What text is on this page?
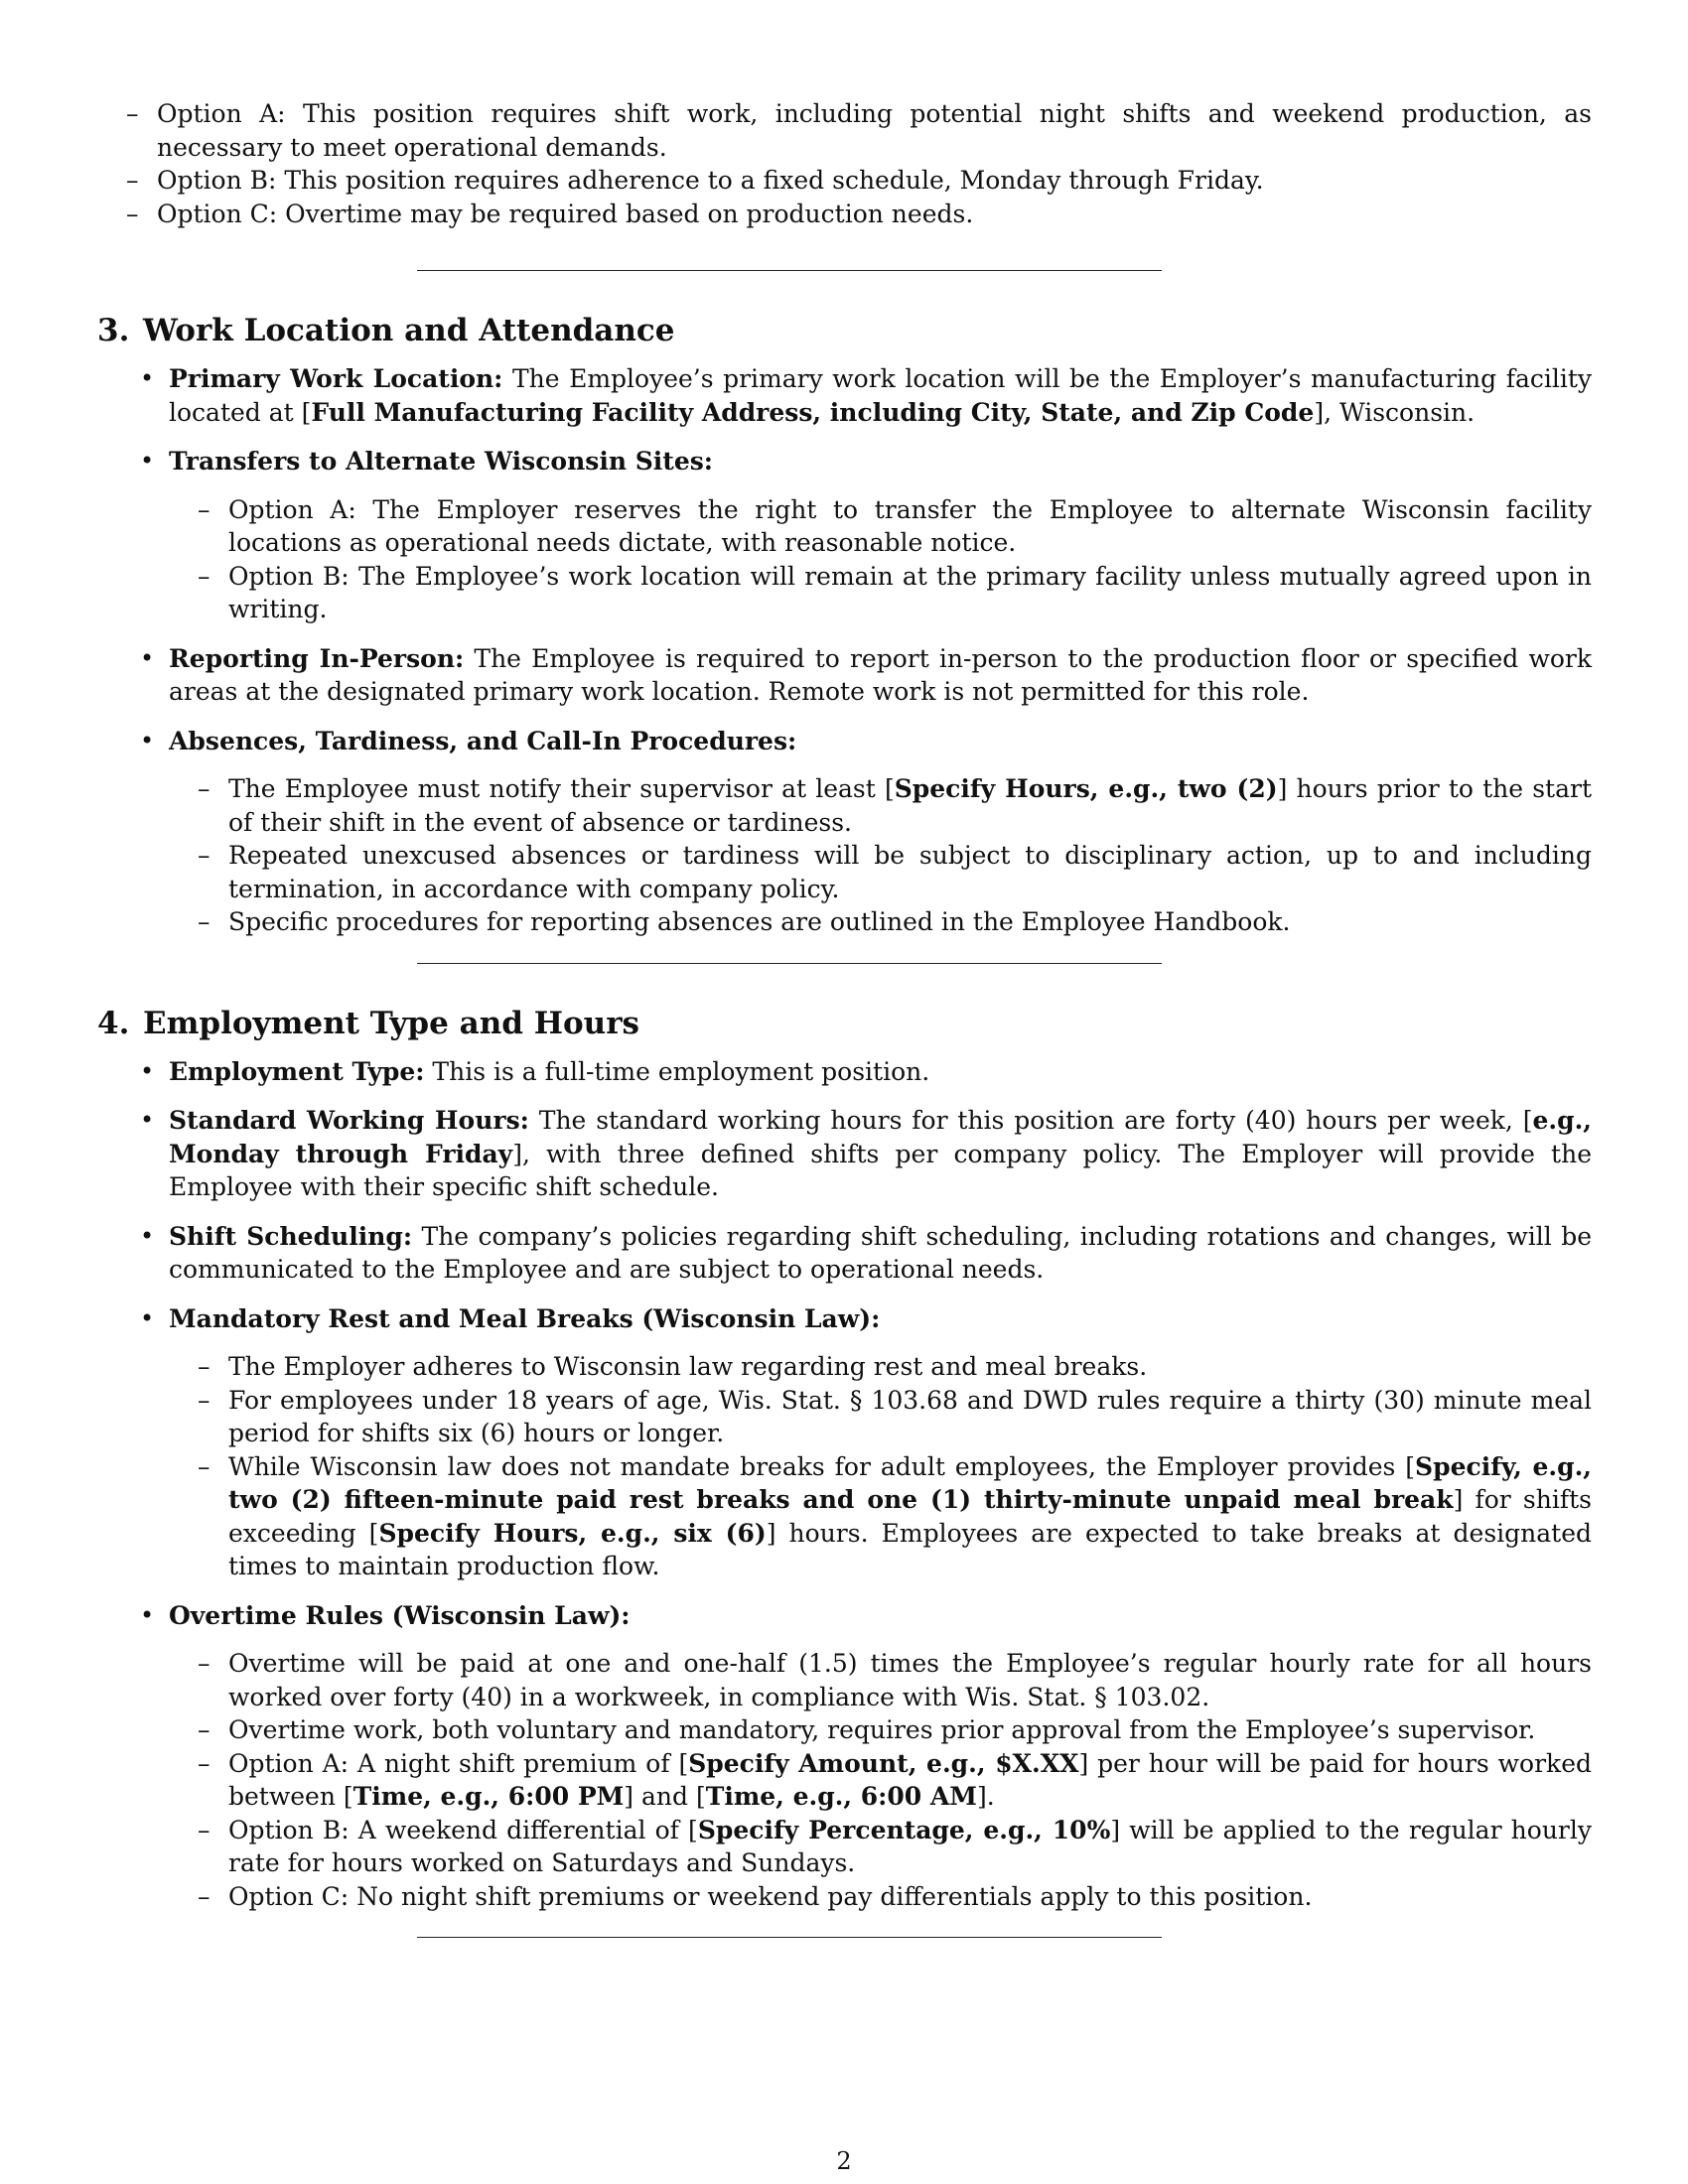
– Option A: This position requires shift work, including potential night shifts and weekend production, as necessary to meet operational demands.
– Option B: This position requires adherence to a fixed schedule, Monday through Friday.
– Option C: Overtime may be required based on production needs.
3. Work Location and Attendance
• Primary Work Location: The Employee’s primary work location will be the Employer’s manufacturing facility located at [Full Manufacturing Facility Address, including City, State, and Zip Code], Wisconsin.
• Transfers to Alternate Wisconsin Sites:
– Option A: The Employer reserves the right to transfer the Employee to alternate Wisconsin facility locations as operational needs dictate, with reasonable notice.
– Option B: The Employee’s work location will remain at the primary facility unless mutually agreed upon in writing.
• Reporting In-Person: The Employee is required to report in-person to the production floor or specified work areas at the designated primary work location. Remote work is not permitted for this role.
• Absences, Tardiness, and Call-In Procedures:
– The Employee must notify their supervisor at least [Specify Hours, e.g., two (2)] hours prior to the start of their shift in the event of absence or tardiness.
– Repeated unexcused absences or tardiness will be subject to disciplinary action, up to and including termination, in accordance with company policy.
– Specific procedures for reporting absences are outlined in the Employee Handbook.
4. Employment Type and Hours
• Employment Type: This is a full-time employment position.
• Standard Working Hours: The standard working hours for this position are forty (40) hours per week, [e.g., Monday through Friday], with three defined shifts per company policy. The Employer will provide the Employee with their specific shift schedule.
• Shift Scheduling: The company’s policies regarding shift scheduling, including rotations and changes, will be communicated to the Employee and are subject to operational needs.
• Mandatory Rest and Meal Breaks (Wisconsin Law):
– The Employer adheres to Wisconsin law regarding rest and meal breaks.
– For employees under 18 years of age, Wis. Stat. § 103.68 and DWD rules require a thirty (30) minute meal period for shifts six (6) hours or longer.
– While Wisconsin law does not mandate breaks for adult employees, the Employer provides [Specify, e.g., two (2) fifteen-minute paid rest breaks and one (1) thirty-minute unpaid meal break] for shifts exceeding [Specify Hours, e.g., six (6)] hours. Employees are expected to take breaks at designated times to maintain production flow.
• Overtime Rules (Wisconsin Law):
– Overtime will be paid at one and one-half (1.5) times the Employee’s regular hourly rate for all hours worked over forty (40) in a workweek, in compliance with Wis. Stat. § 103.02.
– Overtime work, both voluntary and mandatory, requires prior approval from the Employee’s supervisor.
– Option A: A night shift premium of [Specify Amount, e.g., $X.XX] per hour will be paid for hours worked between [Time, e.g., 6:00 PM] and [Time, e.g., 6:00 AM].
– Option B: A weekend differential of [Specify Percentage, e.g., 10%] will be applied to the regular hourly rate for hours worked on Saturdays and Sundays.
– Option C: No night shift premiums or weekend pay differentials apply to this position.
2
